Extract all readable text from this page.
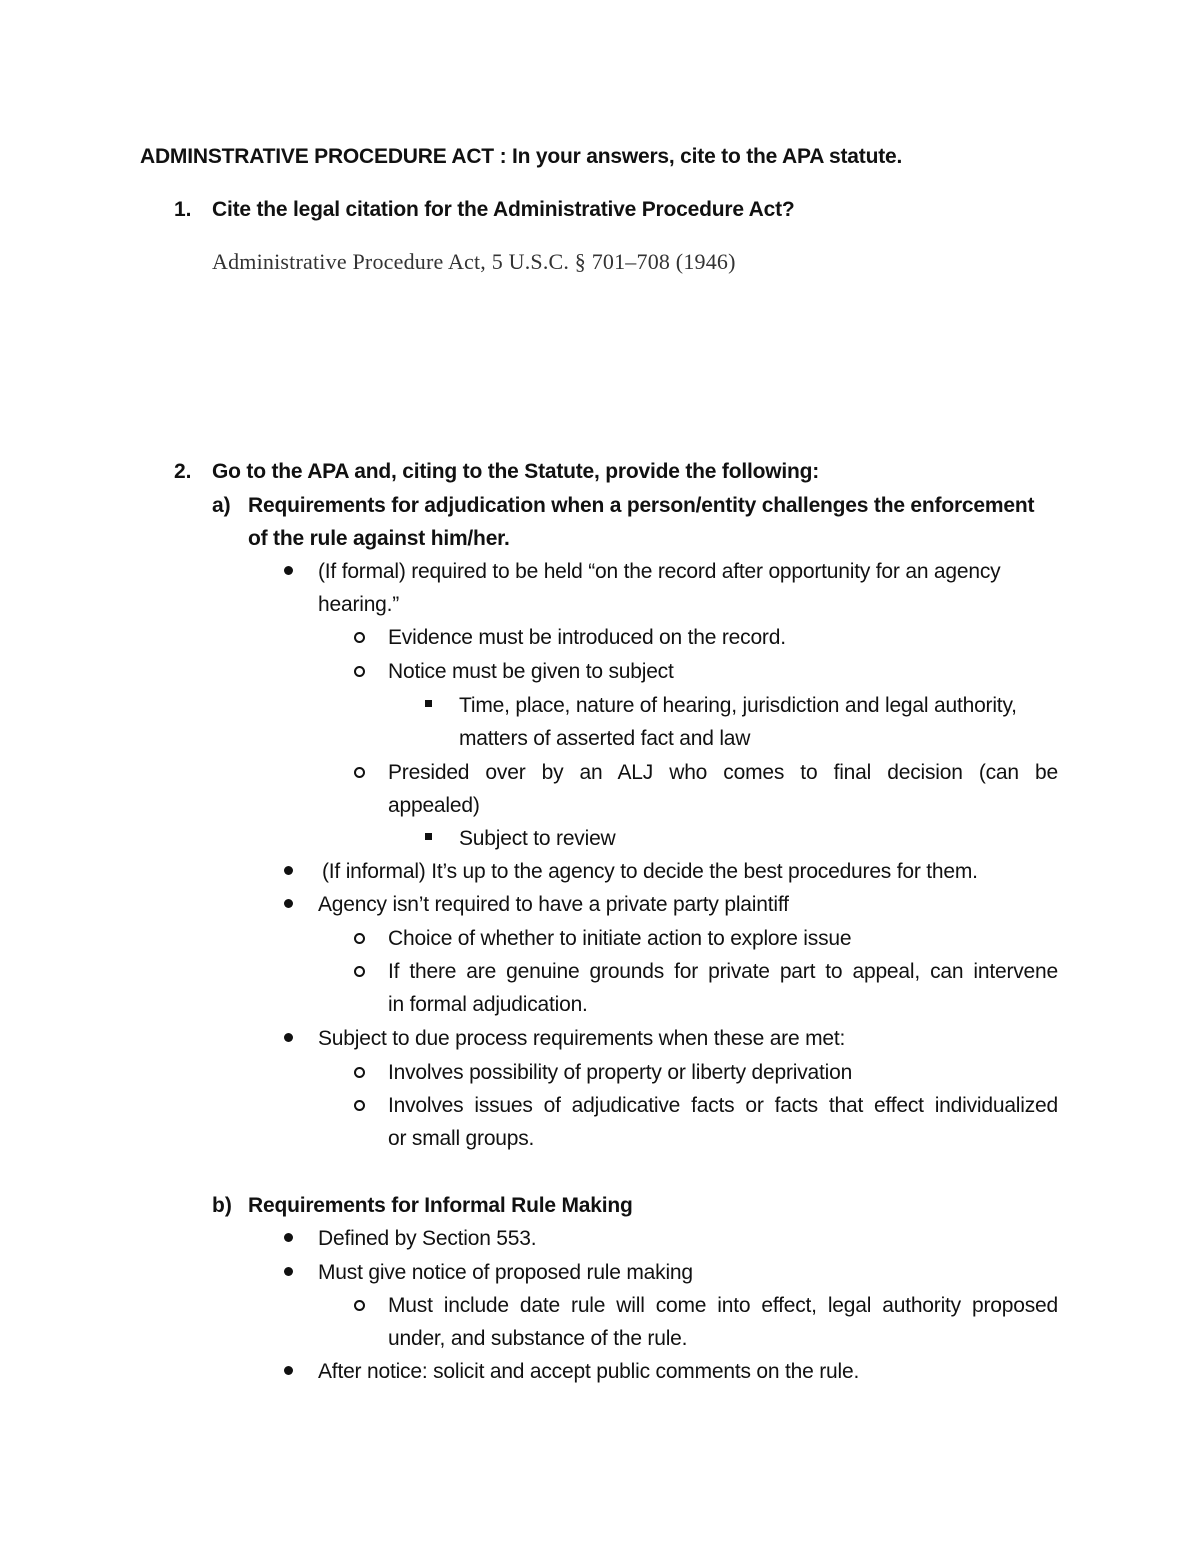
ADMINSTRATIVE PROCEDURE ACT : In your answers, cite to the APA statute.
1. Cite the legal citation for the Administrative Procedure Act?
Administrative Procedure Act, 5 U.S.C. § 701–708 (1946)
2. Go to the APA and, citing to the Statute, provide the following:
a) Requirements for adjudication when a person/entity challenges the enforcement
of the rule against him/her.
(If formal) required to be held “on the record after opportunity for an agency
hearing.”
Evidence must be introduced on the record.
Notice must be given to subject
Time, place, nature of hearing, jurisdiction and legal authority,
matters of asserted fact and law
Presided over by an ALJ who comes to final decision (can be
appealed)
Subject to review
(If informal) It’s up to the agency to decide the best procedures for them.
Agency isn’t required to have a private party plaintiff
Choice of whether to initiate action to explore issue
If there are genuine grounds for private part to appeal, can intervene
in formal adjudication.
Subject to due process requirements when these are met:
Involves possibility of property or liberty deprivation
Involves issues of adjudicative facts or facts that effect individualized
or small groups.
b) Requirements for Informal Rule Making
Defined by Section 553.
Must give notice of proposed rule making
Must include date rule will come into effect, legal authority proposed
under, and substance of the rule.
After notice: solicit and accept public comments on the rule.
